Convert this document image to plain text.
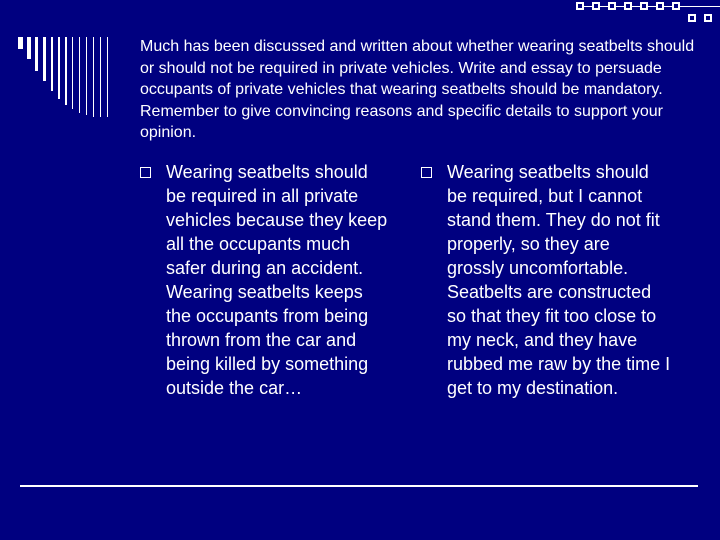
Much has been discussed and written about whether wearing seatbelts should or should not be required in private vehicles. Write and essay to persuade occupants of private vehicles that wearing seatbelts should be mandatory. Remember to give convincing reasons and specific details to support your opinion.

Wearing seatbelts should be required in all private vehicles because they keep all the occupants much safer during an accident. Wearing seatbelts keeps the occupants from being thrown from the car and being killed by something outside the car…

Wearing seatbelts should be required, but I cannot stand them. They do not fit properly, so they are grossly uncomfortable. Seatbelts are constructed so that they fit too close to my neck, and they have rubbed me raw by the time I get to my destination.
